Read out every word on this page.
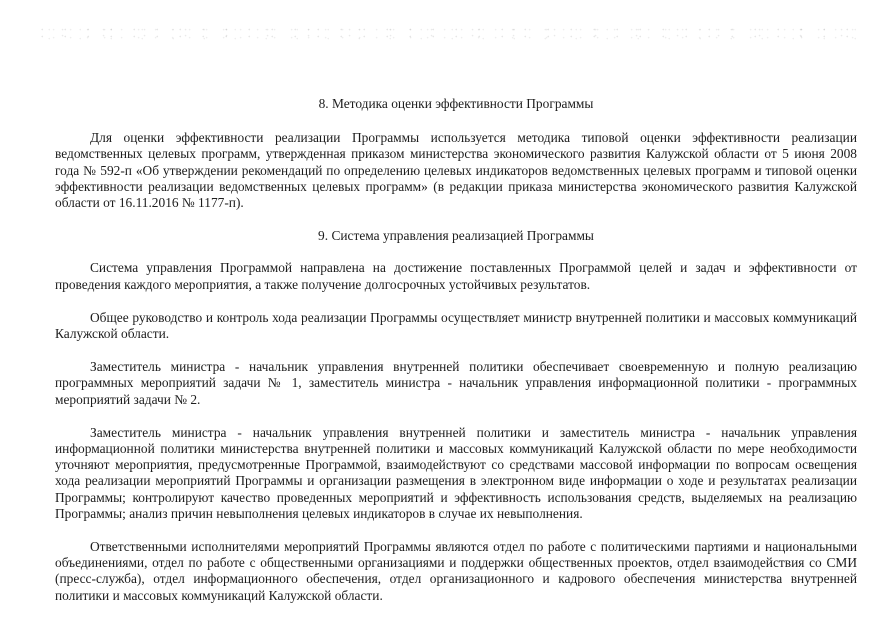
8. Методика оценки эффективности Программы

Для оценки эффективности реализации Программы используется методика типовой оценки эффективности реализации ведомственных целевых программ, утвержденная приказом министерства экономического развития Калужской области от 5 июня 2008 года № 592-п «Об утверждении рекомендаций по определению целевых индикаторов ведомственных целевых программ и типовой оценки эффективности реализации ведомственных целевых программ» (в редакции приказа министерства экономического развития Калужской области от 16.11.2016 № 1177-п).

9. Система управления реализацией Программы

Система управления Программой направлена на достижение поставленных Программой целей и задач и эффективности от проведения каждого мероприятия, а также получение долгосрочных устойчивых результатов.

Общее руководство и контроль хода реализации Программы осуществляет министр внутренней политики и массовых коммуникаций Калужской области.

Заместитель министра - начальник управления внутренней политики обеспечивает своевременную и полную реализацию программных мероприятий задачи № 1, заместитель министра - начальник управления информационной политики - программных мероприятий задачи № 2.

Заместитель министра - начальник управления внутренней политики и заместитель министра - начальник управления информационной политики министерства внутренней политики и массовых коммуникаций Калужской области по мере необходимости уточняют мероприятия, предусмотренные Программой, взаимодействуют со средствами массовой информации по вопросам освещения хода реализации мероприятий Программы и организации размещения в электронном виде информации о ходе и результатах реализации Программы; контролируют качество проведенных мероприятий и эффективность использования средств, выделяемых на реализацию Программы; анализ причин невыполнения целевых индикаторов в случае их невыполнения.

Ответственными исполнителями мероприятий Программы являются отдел по работе с политическими партиями и национальными объединениями, отдел по работе с общественными организациями и поддержки общественных проектов, отдел взаимодействия со СМИ (пресс-служба), отдел информационного обеспечения, отдел организационного и кадрового обеспечения министерства внутренней политики и массовых коммуникаций Калужской области.
